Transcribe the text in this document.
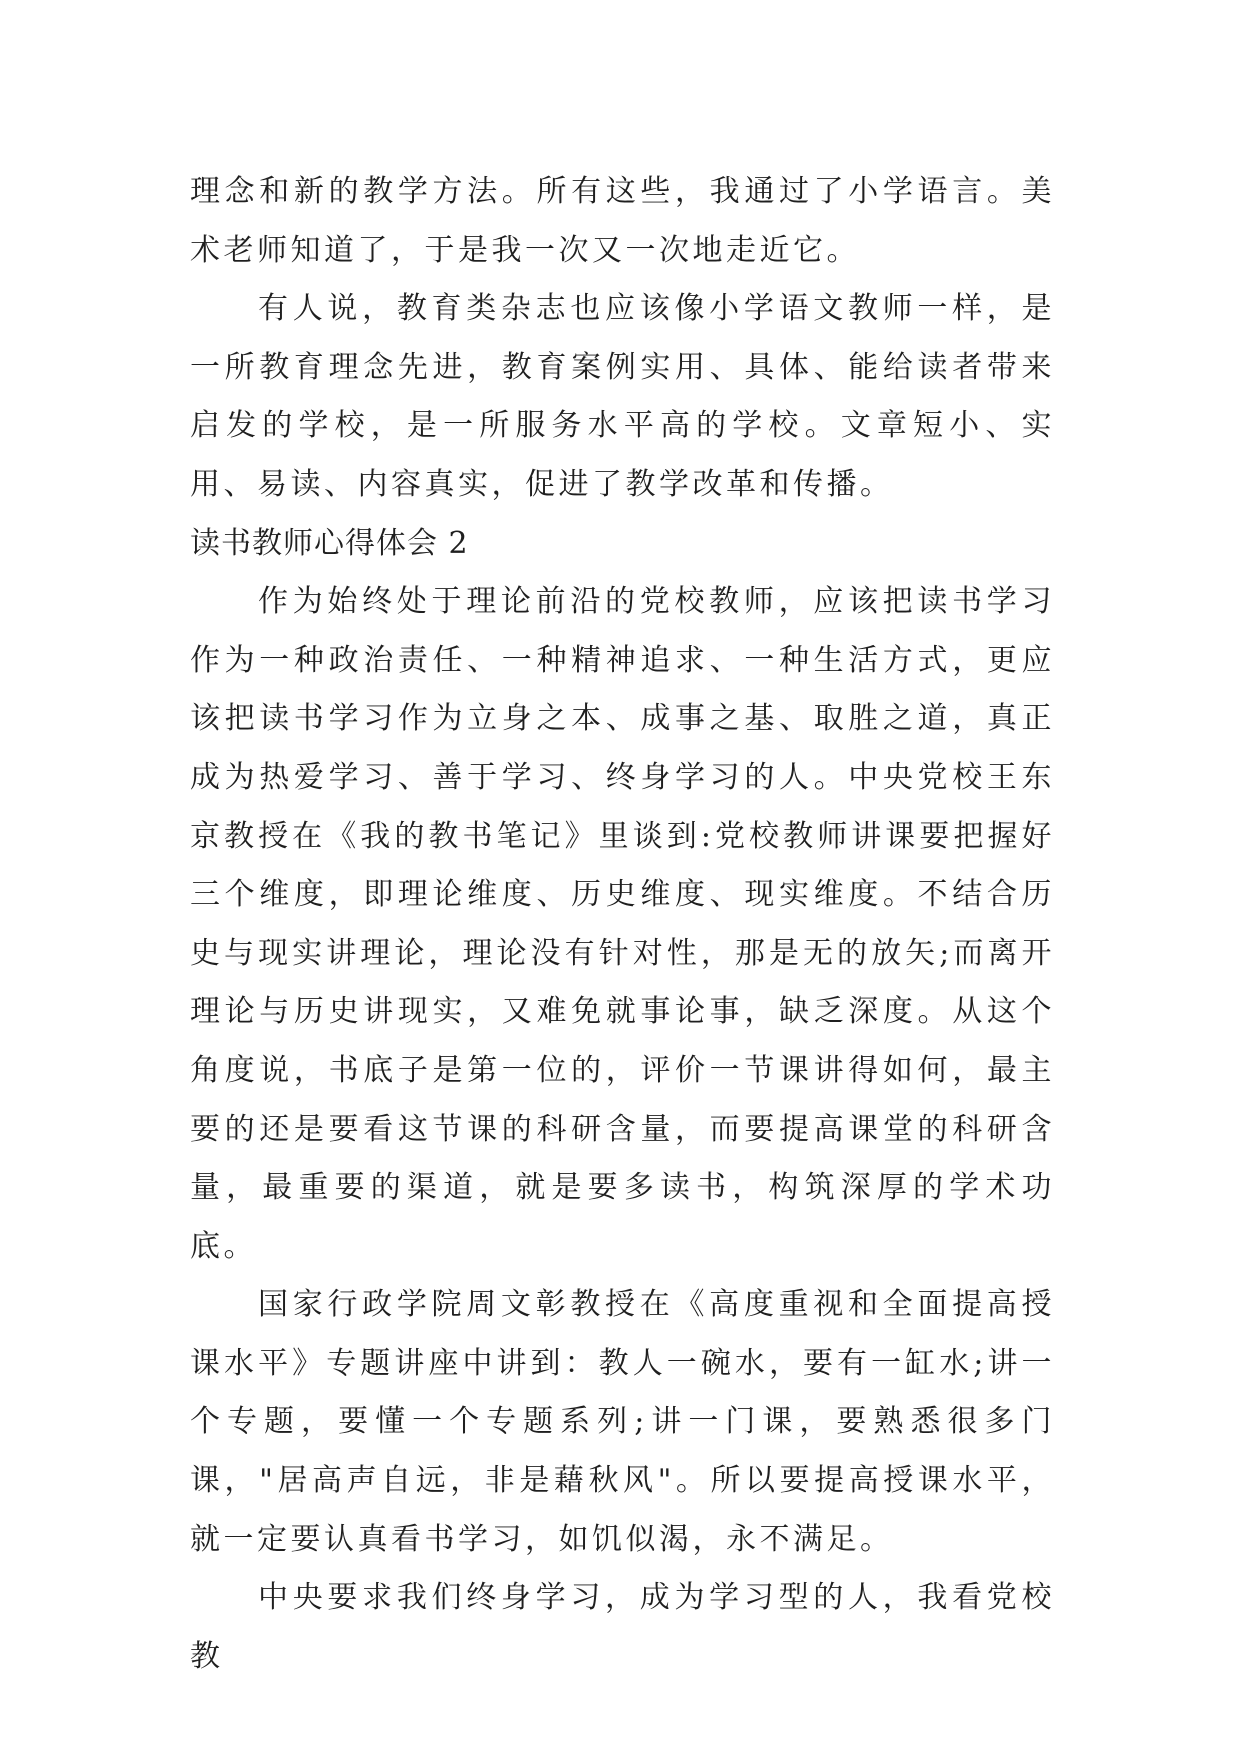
理念和新的教学方法。所有这些，我通过了小学语言。美术老师知道了，于是我一次又一次地走近它。

有人说，教育类杂志也应该像小学语文教师一样，是一所教育理念先进，教育案例实用、具体、能给读者带来启发的学校，是一所服务水平高的学校。文章短小、实用、易读、内容真实，促进了教学改革和传播。

读书教师心得体会 2

作为始终处于理论前沿的党校教师，应该把读书学习作为一种政治责任、一种精神追求、一种生活方式，更应该把读书学习作为立身之本、成事之基、取胜之道，真正成为热爱学习、善于学习、终身学习的人。中央党校王东京教授在《我的教书笔记》里谈到:党校教师讲课要把握好三个维度，即理论维度、历史维度、现实维度。不结合历史与现实讲理论，理论没有针对性，那是无的放矢;而离开理论与历史讲现实，又难免就事论事，缺乏深度。从这个角度说，书底子是第一位的，评价一节课讲得如何，最主要的还是要看这节课的科研含量，而要提高课堂的科研含量，最重要的渠道，就是要多读书，构筑深厚的学术功底。

国家行政学院周文彰教授在《高度重视和全面提高授课水平》专题讲座中讲到：教人一碗水，要有一缸水;讲一个专题，要懂一个专题系列;讲一门课，要熟悉很多门课，"居高声自远，非是藉秋风"。所以要提高授课水平，就一定要认真看书学习，如饥似渴，永不满足。

中央要求我们终身学习，成为学习型的人，我看党校教
